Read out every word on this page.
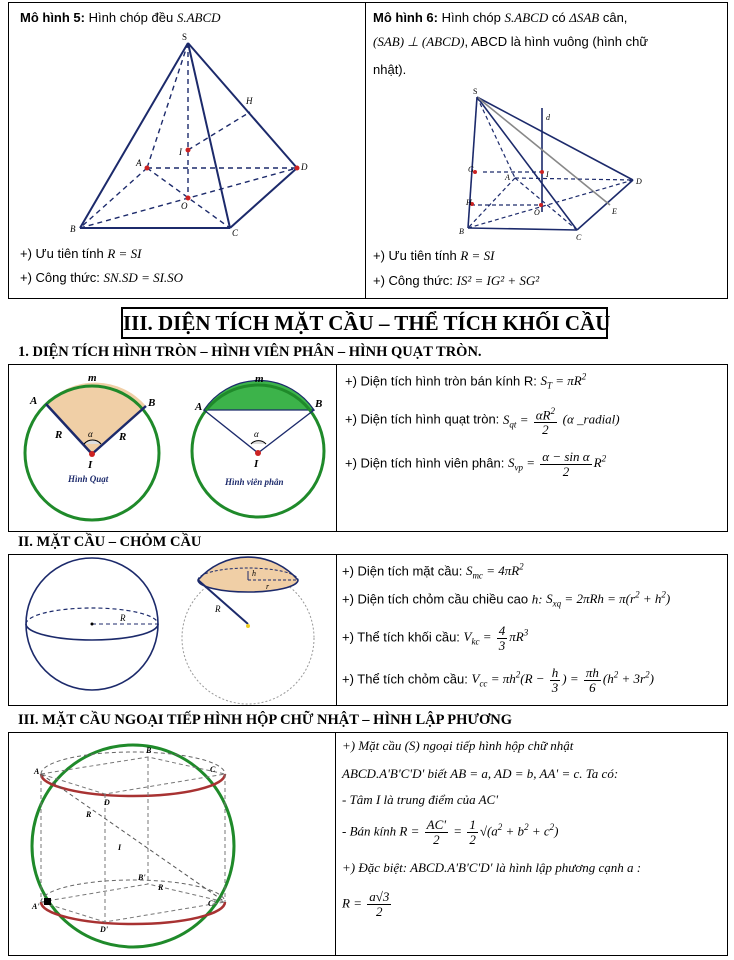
Mô hình 5: Hình chóp đều S.ABCD
+) Ưu tiên tính R = SI
+) Công thức: SN.SD = SI.SO
S
H
I
A	D
O
B	C
Mô hình 6: Hình chóp S.ABCD có ΔSAB cân,
(SAB) ⊥ (ABCD), ABCD là hình vuông (hình chữ
nhật).
+) Ưu tiên tính R = SI
+) Công thức: IS² = IG² + SG²
S
d
G
I
H
A
O
D
B
C
E
III. DIỆN TÍCH MẶT CẦU – THỂ TÍCH KHỐI CẦU
1. DIỆN TÍCH HÌNH TRÒN – HÌNH VIÊN PHÂN – HÌNH QUẠT TRÒN.
m
A	B
R	R
α
I
Hình Quạt
m
A	B
α
I
Hình viên phân
+) Diện tích hình tròn bán kính R: $S_T = \pi R^2$
+) Diện tích hình quạt tròn: $S_{qt} = \frac{\alpha R^2}{2} (\alpha$ _radial)
+) Diện tích hình viên phân: $S_{vp} = \frac{\text{α − sin α}}{2} R^2$
II. MẶT CẦU – CHỎM CẦU
R
h
r
R
+) Diện tích mặt cầu: $S_{mc} = 4\pi R^2$
+) Diện tích chỏm cầu chiều cao h: $S_{xq} = 2\pi Rh = \pi(r^2 + h^2)$
+) Thể tích khối cầu: $V_{kc} = \frac{4}{3} \pi R^3$
+) Thể tích chỏm cầu: $V_{cc} = \pi h^2(R - \frac{h}{3}$ ) = $\frac{\pi h}{6} (h^2 + 3r^2)$
III. MẶT CẦU NGOẠI TIẾP HÌNH HỘP CHỮ NHẬT – HÌNH LẬP PHƯƠNG
B
A	C
D
R
I
B'
R
A'	C'
D'
+) Mặt cầu (S) ngoại tiếp hình hộp chữ nhật
ABCD.A'B'C'D' biết AB = a, AD = b, AA' = c. Ta có:
- Tâm I là trung điểm của AC'
- Bán kính $R = \frac{AC'}{2} = \frac{1}{2} √(a^2 + b^2 + c^2)$
+) Đặc biệt: ABCD.A'B'C'D' là hình lập phương cạnh a :
$R = \frac{a√3}{2}$
